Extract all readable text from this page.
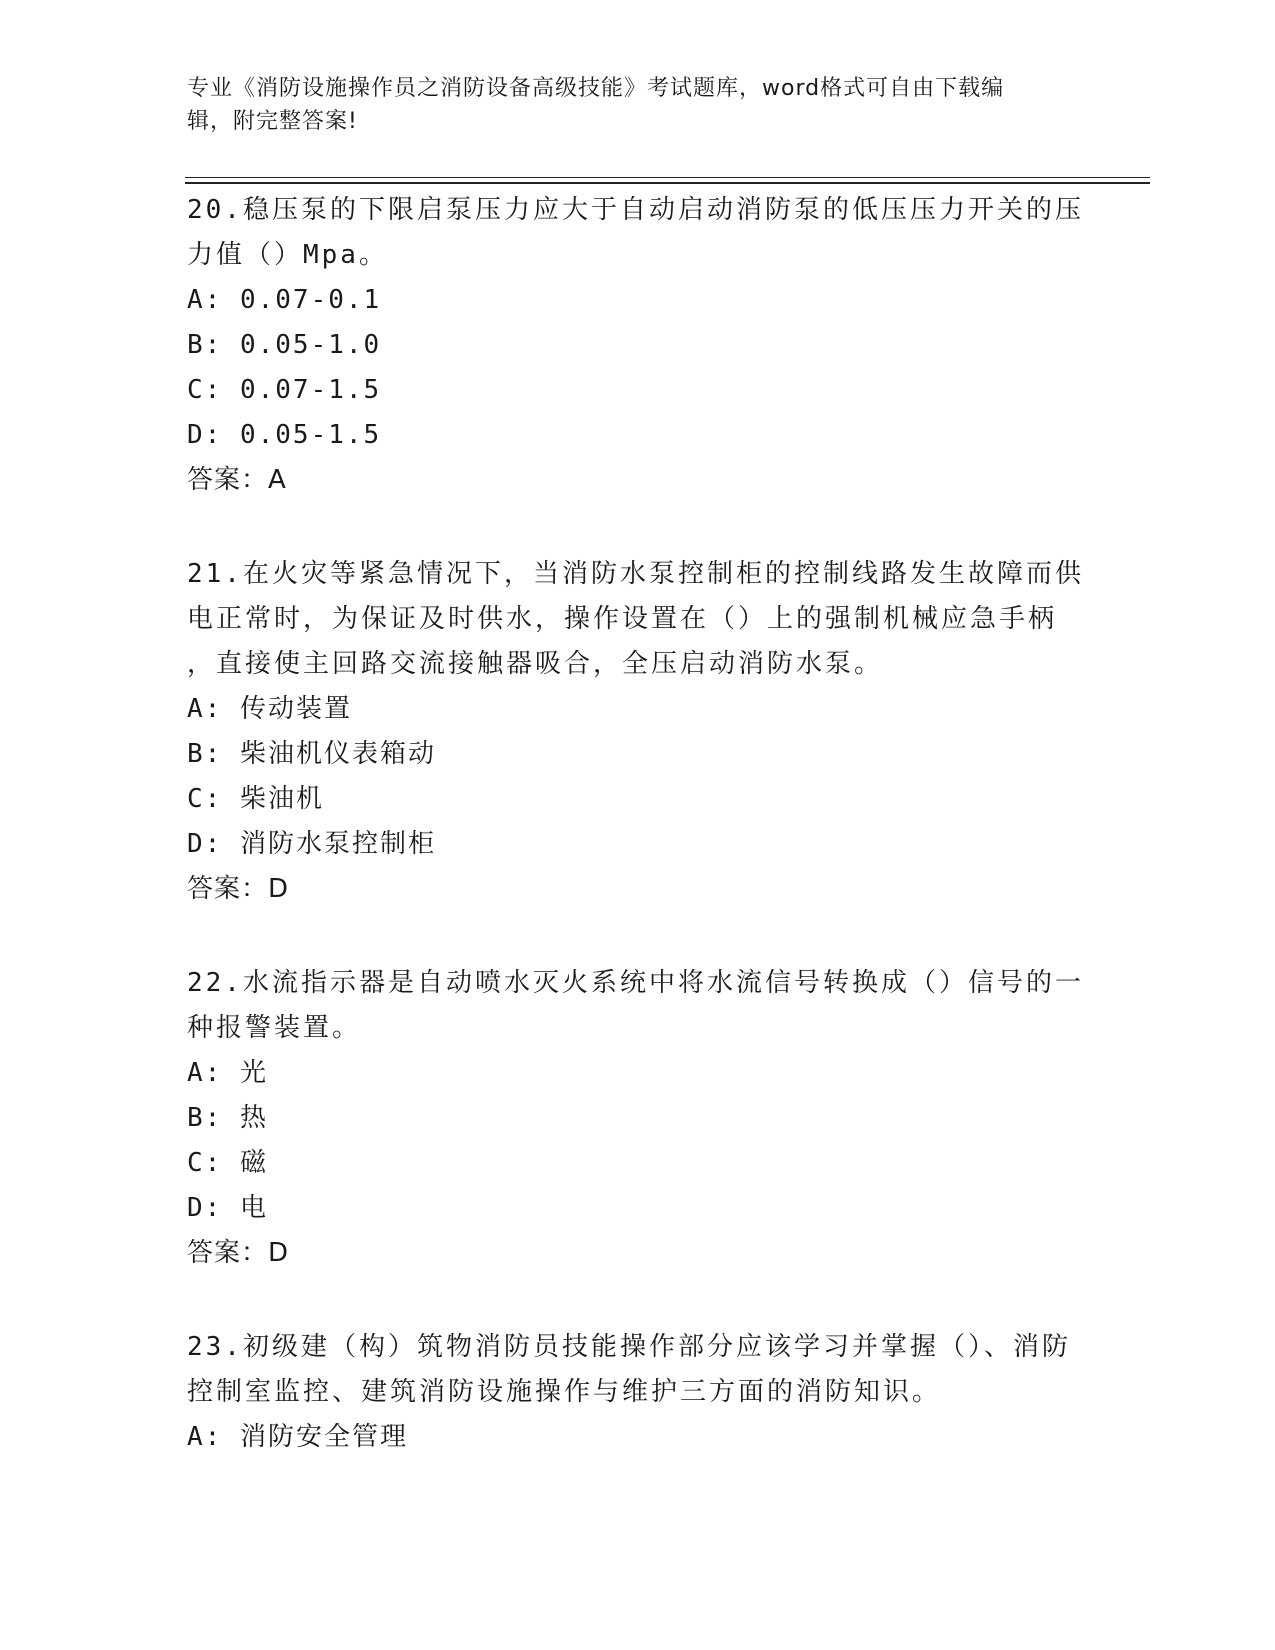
专业《消防设施操作员之消防设备高级技能》考试题库，word格式可自由下载编
辑，附完整答案!

20.稳压泵的下限启泵压力应大于自动启动消防泵的低压压力开关的压

力值（）Mpa。

A: 0.07-0.1

B: 0.05-1.0

C: 0.07-1.5

D: 0.05-1.5

答案：A

21.在火灾等紧急情况下，当消防水泵控制柜的控制线路发生故障而供

电正常时，为保证及时供水，操作设置在（）上的强制机械应急手柄

，直接使主回路交流接触器吸合，全压启动消防水泵。

A: 传动装置

B: 柴油机仪表箱动

C: 柴油机

D: 消防水泵控制柜

答案：D

22.水流指示器是自动喷水灭火系统中将水流信号转换成（）信号的一

种报警装置。

A: 光

B: 热

C: 磁

D: 电

答案：D

23.初级建（构）筑物消防员技能操作部分应该学习并掌握（）、消防

控制室监控、建筑消防设施操作与维护三方面的消防知识。

A: 消防安全管理
